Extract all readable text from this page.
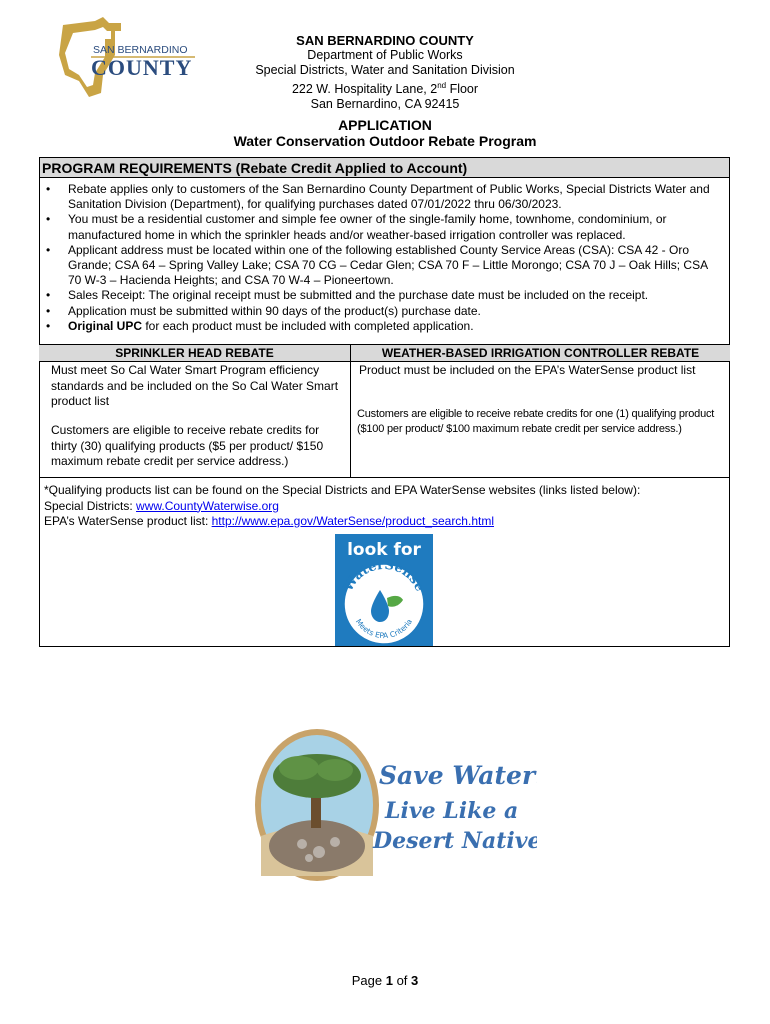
SAN BERNARDINO
COUNTY
SAN BERNARDINO COUNTY
Department of Public Works
Special Districts, Water and Sanitation Division
222 W. Hospitality Lane, 2nd Floor
San Bernardino, CA 92415
APPLICATION
Water Conservation Outdoor Rebate Program
PROGRAM REQUIREMENTS (Rebate Credit Applied to Account)
• Rebate applies only to customers of the San Bernardino County Department of Public Works, Special Districts Water and Sanitation Division (Department), for qualifying purchases dated 07/01/2022 thru 06/30/2023.
• You must be a residential customer and simple fee owner of the single-family home, townhome, condominium, or manufactured home in which the sprinkler heads and/or weather-based irrigation controller was replaced.
• Applicant address must be located within one of the following established County Service Areas (CSA): CSA 42 - Oro Grande; CSA 64 – Spring Valley Lake; CSA 70 CG – Cedar Glen; CSA 70 F – Little Morongo; CSA 70 J – Oak Hills; CSA 70 W-3 – Hacienda Heights; and CSA 70 W-4 – Pioneertown.
• Sales Receipt: The original receipt must be submitted and the purchase date must be included on the receipt.
• Application must be submitted within 90 days of the product(s) purchase date.
• Original UPC for each product must be included with completed application.
SPRINKLER HEAD REBATE	WEATHER-BASED IRRIGATION CONTROLLER REBATE
Must meet So Cal Water Smart Program efficiency standards and be included on the So Cal Water Smart product list
Customers are eligible to receive rebate credits for thirty (30) qualifying products ($5 per product/ $150 maximum rebate credit per service address.)
Product must be included on the EPA’s WaterSense product list
Customers are eligible to receive rebate credits for one (1) qualifying product ($100 per product/ $100 maximum rebate credit per service address.)
*Qualifying products list can be found on the Special Districts and EPA WaterSense websites (links listed below):
Special Districts: www.CountyWaterwise.org
EPA’s WaterSense product list: http://www.epa.gov/WaterSense/product_search.html
look for
WaterSense
Meets EPA Criteria
Save Water!
Live Like a
Desert Native
Page 1 of 3
